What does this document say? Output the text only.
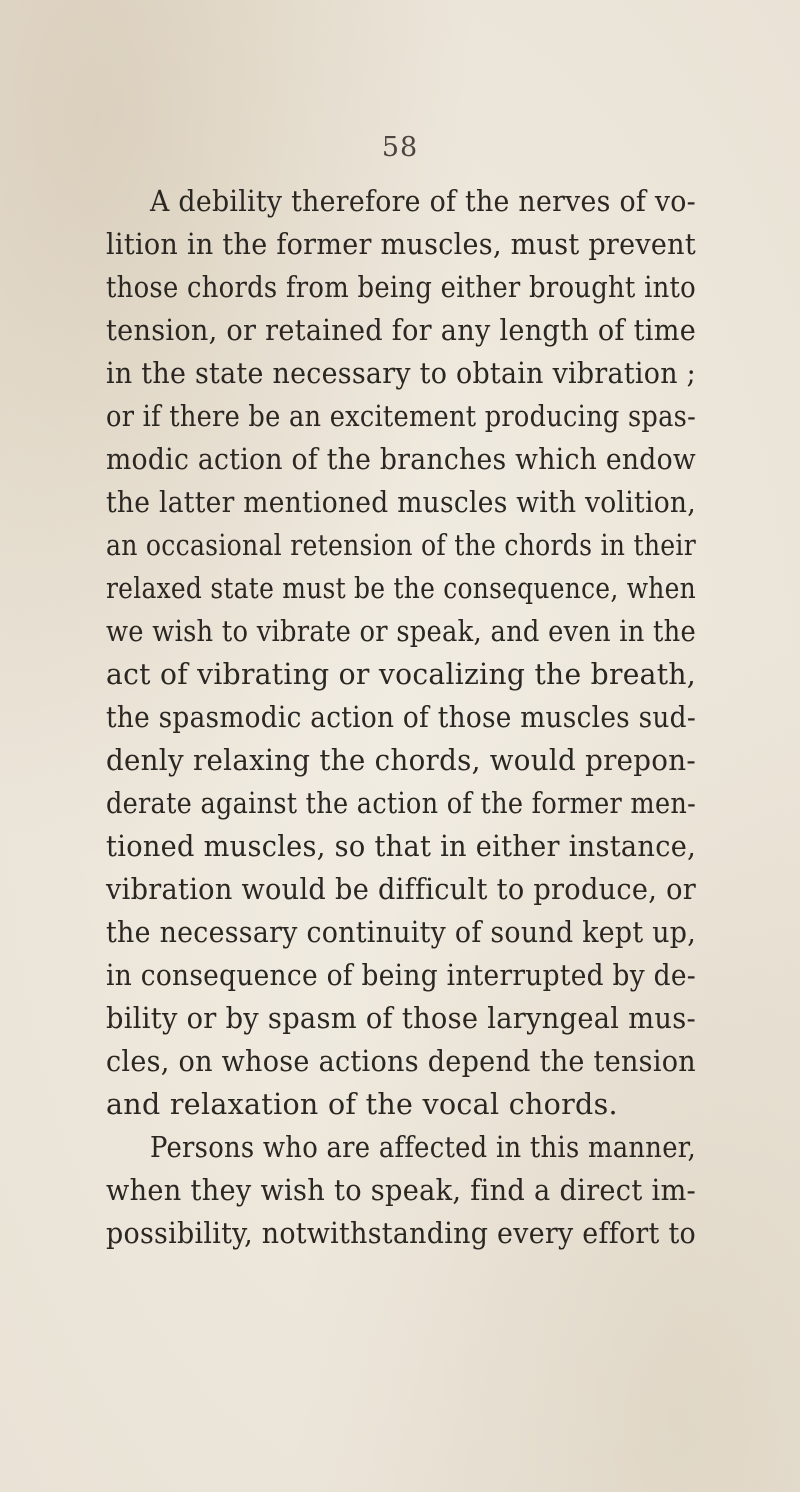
58
A debility therefore of the nerves of vo-
lition in the former muscles, must prevent
those chords from being either brought into
tension, or retained for any length of time
in the state necessary to obtain vibration ;
or if there be an excitement producing spas-
modic action of the branches which endow
the latter mentioned muscles with volition,
an occasional retension of the chords in their
relaxed state must be the consequence, when
we wish to vibrate or speak, and even in the
act of vibrating or vocalizing the breath,
the spasmodic action of those muscles sud-
denly relaxing the chords, would prepon-
derate against the action of the former men-
tioned muscles, so that in either instance,
vibration would be difficult to produce, or
the necessary continuity of sound kept up,
in consequence of being interrupted by de-
bility or by spasm of those laryngeal mus-
cles, on whose actions depend the tension
and relaxation of the vocal chords.
Persons who are affected in this manner,
when they wish to speak, find a direct im-
possibility, notwithstanding every effort to
